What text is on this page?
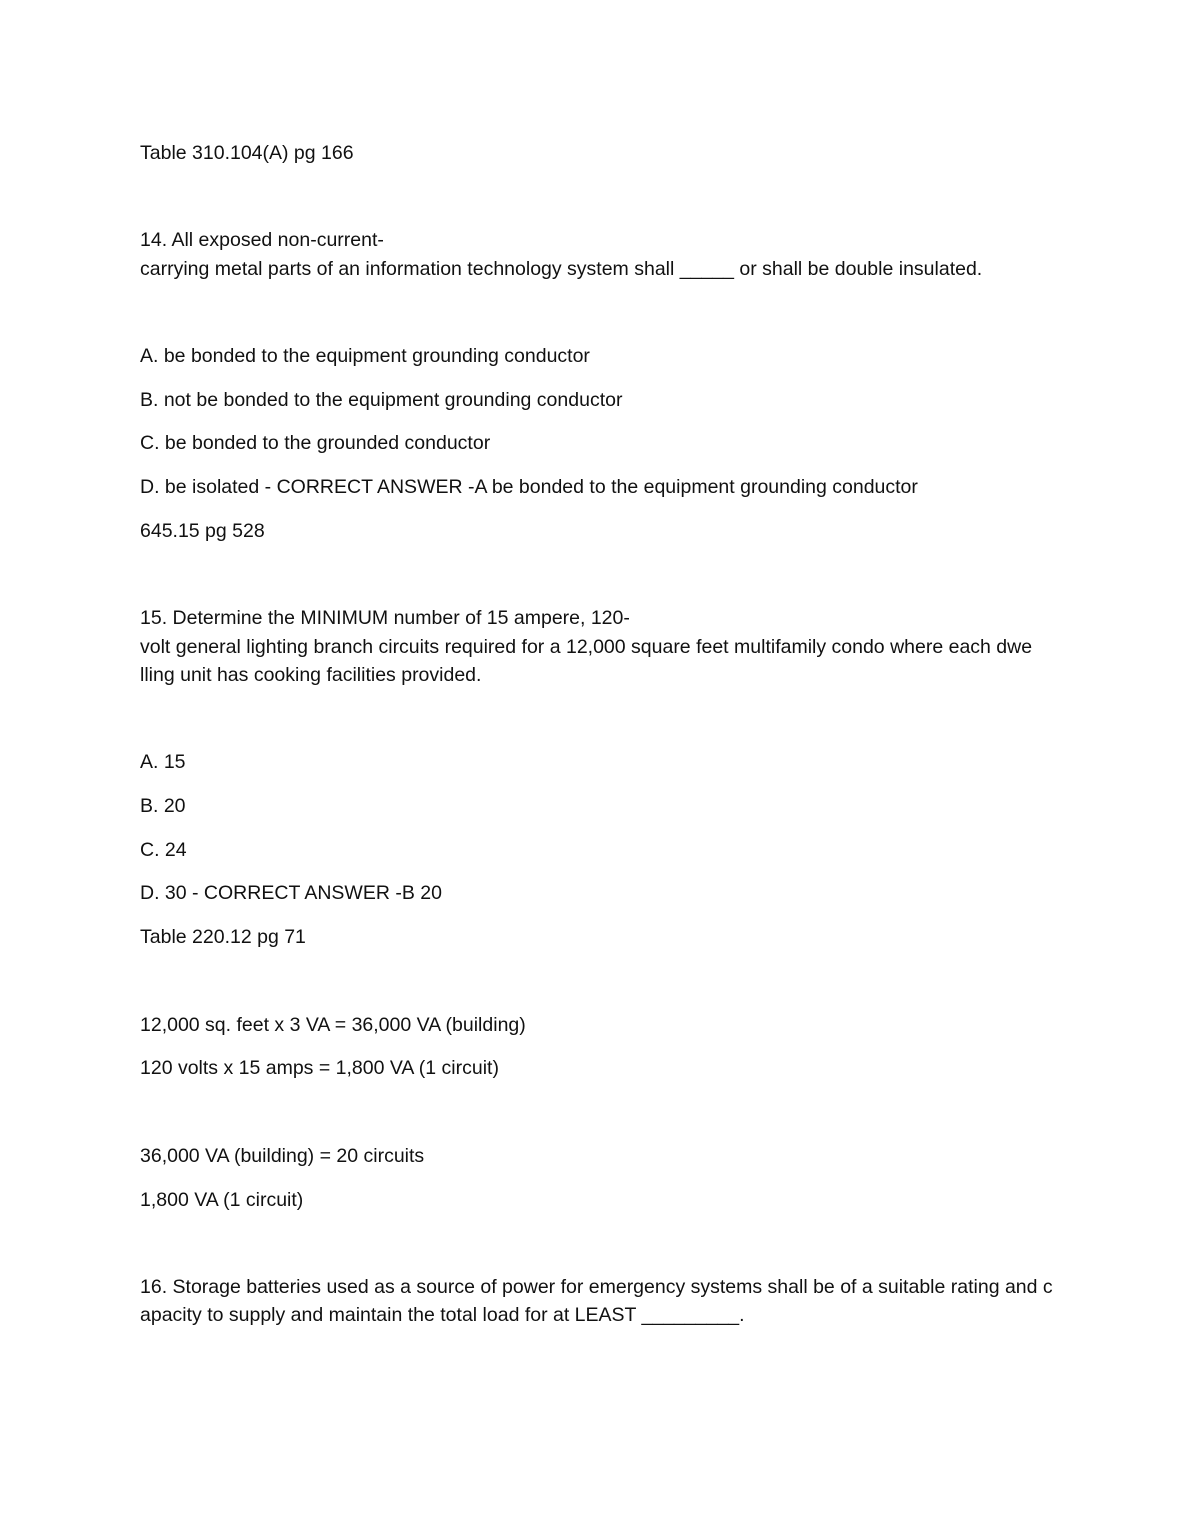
Table 310.104(A) pg 166
14. All exposed non-current-
carrying metal parts of an information technology system shall _____ or shall be double insulated.
A. be bonded to the equipment grounding conductor
B. not be bonded to the equipment grounding conductor
C. be bonded to the grounded conductor
D. be isolated - CORRECT ANSWER -A be bonded to the equipment grounding conductor
645.15 pg 528
15. Determine the MINIMUM number of 15 ampere, 120-
volt general lighting branch circuits required for a 12,000 square feet multifamily condo where each dwe
lling unit has cooking facilities provided.
A. 15
B. 20
C. 24
D. 30 - CORRECT ANSWER -B 20
Table 220.12 pg 71
12,000 sq. feet x 3 VA = 36,000 VA (building)
120 volts x 15 amps = 1,800 VA (1 circuit)
36,000 VA (building) = 20 circuits
1,800 VA (1 circuit)
16. Storage batteries used as a source of power for emergency systems shall be of a suitable rating and c
apacity to supply and maintain the total load for at LEAST _________.
